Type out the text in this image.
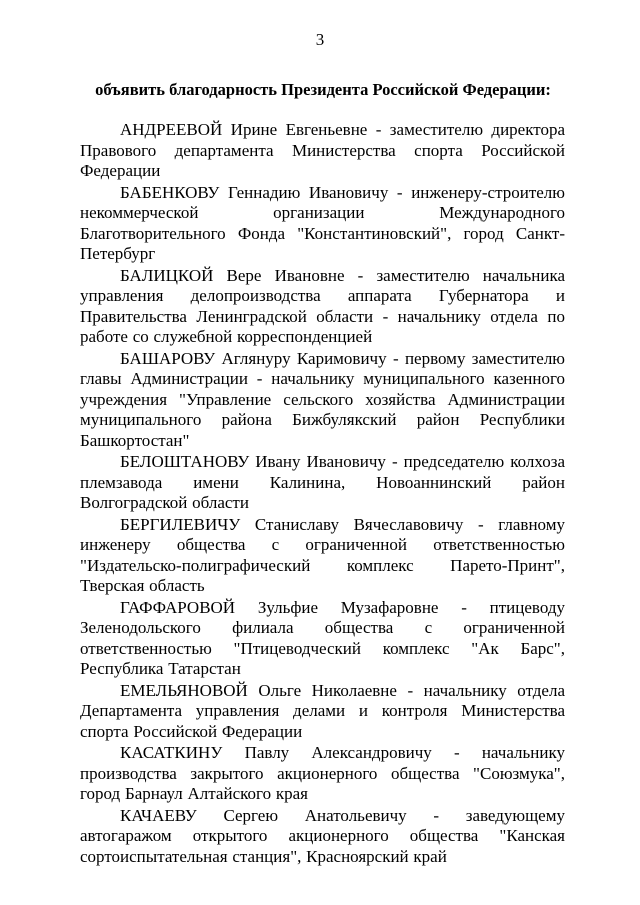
3
объявить благодарность Президента Российской Федерации:

АНДРЕЕВОЙ Ирине Евгеньевне - заместителю директора Правового департамента Министерства спорта Российской Федерации

БАБЕНКОВУ Геннадию Ивановичу - инженеру-строителю некоммерческой организации Международного Благотворительного Фонда "Константиновский", город Санкт-Петербург

БАЛИЦКОЙ Вере Ивановне - заместителю начальника управления делопроизводства аппарата Губернатора и Правительства Ленинградской области - начальнику отдела по работе со служебной корреспонденцией

БАШАРОВУ Аглянуру Каримовичу - первому заместителю главы Администрации - начальнику муниципального казенного учреждения "Управление сельского хозяйства Администрации муниципального района Бижбулякский район Республики Башкортостан"

БЕЛОШТАНОВУ Ивану Ивановичу - председателю колхоза племзавода имени Калинина, Новоаннинский район Волгоградской области

БЕРГИЛЕВИЧУ Станиславу Вячеславовичу - главному инженеру общества с ограниченной ответственностью "Издательско-полиграфический комплекс Парето-Принт", Тверская область

ГАФФАРОВОЙ Зульфие Музафаровне - птицеводу Зеленодольского филиала общества с ограниченной ответственностью "Птицеводческий комплекс "Ак Барс", Республика Татарстан

ЕМЕЛЬЯНОВОЙ Ольге Николаевне - начальнику отдела Департамента управления делами и контроля Министерства спорта Российской Федерации

КАСАТКИНУ Павлу Александровичу - начальнику производства закрытого акционерного общества "Союзмука", город Барнаул Алтайского края

КАЧАЕВУ Сергею Анатольевичу - заведующему автогаражом открытого акционерного общества "Канская сортоиспытательная станция", Красноярский край
